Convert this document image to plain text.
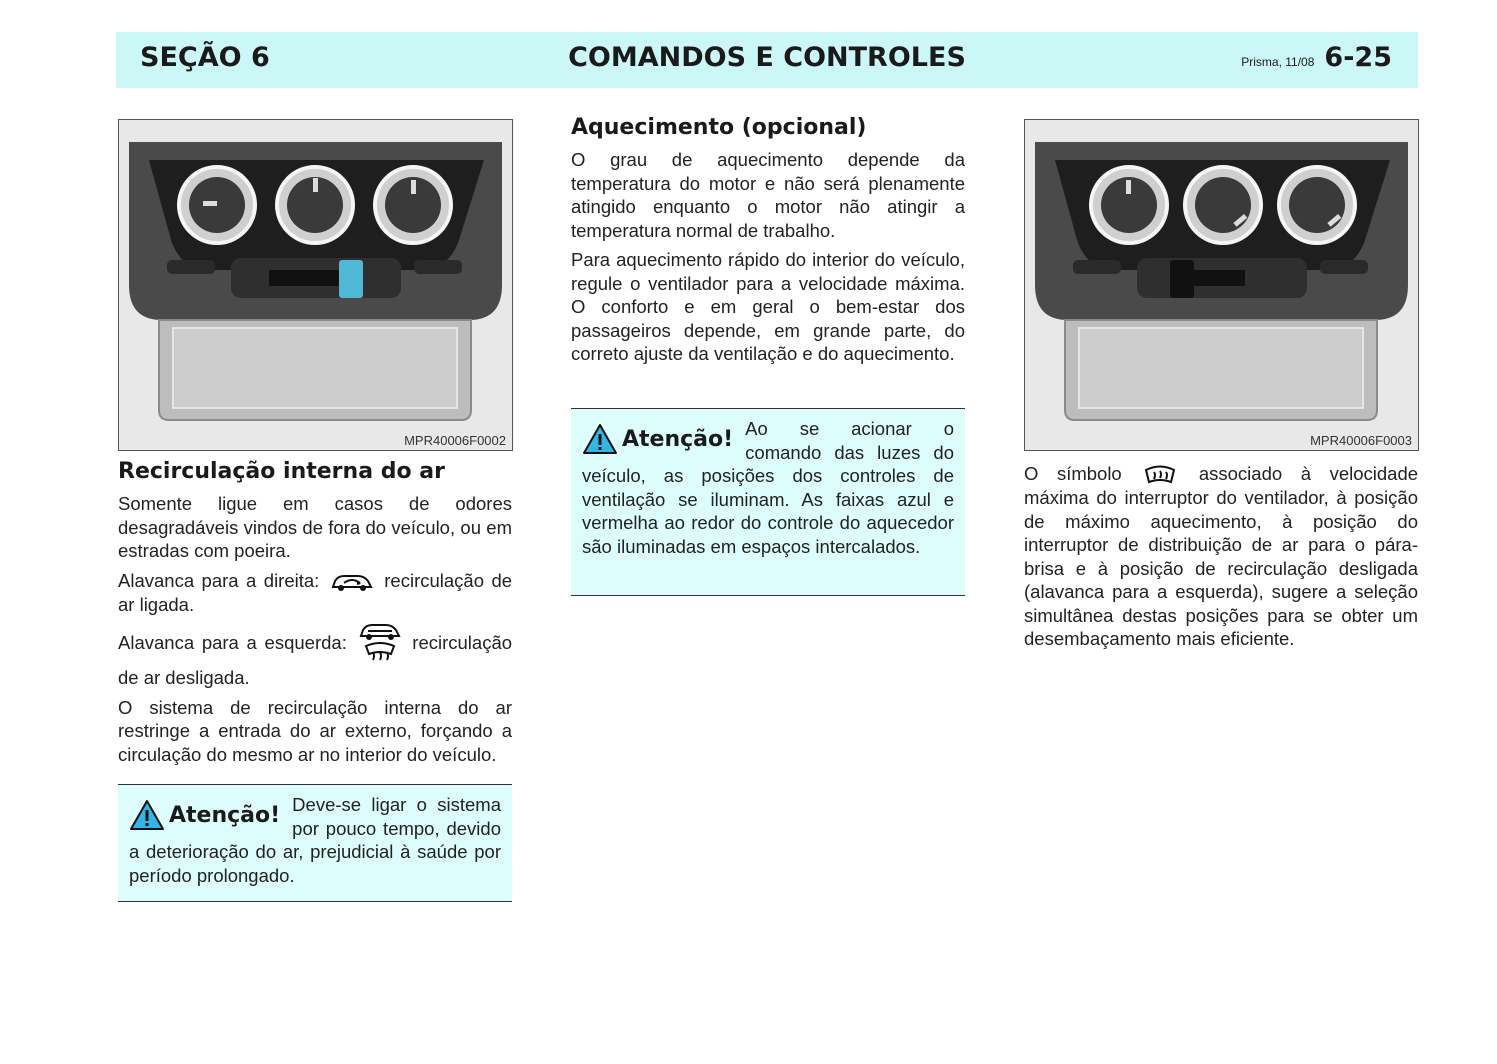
COMANDOS E CONTROLES
SEÇÃO 6	Prisma, 11/08 6-25
MPR40006F0002	MPR40006F0003
Recirculação interna do ar

Somente ligue em casos de odores desagradáveis vindos de fora do veículo, ou em estradas com poeira.

Alavanca para a direita:	recirculação de ar ligada.

Alavanca para a esquerda:	recirculação de ar desligada.

O sistema de recirculação interna do ar restringe a entrada do ar externo, forçando a circulação do mesmo ar no interior do veículo.

Atenção! Deve-se ligar o sistema por pouco tempo, devido a deterioração do ar, prejudicial à saúde por período prolongado.

Aquecimento (opcional)

O grau de aquecimento depende da temperatura do motor e não será plenamente atingido enquanto o motor não atingir a temperatura normal de trabalho.

Para aquecimento rápido do interior do veículo, regule o ventilador para a velocidade máxima. O conforto e em geral o bem-estar dos passageiros depende, em grande parte, do correto ajuste da ventilação e do aquecimento.

Atenção! Ao se acionar o comando das luzes do veículo, as posições dos controles de ventilação se iluminam. As faixas azul e vermelha ao redor do controle do aquecedor são iluminadas em espaços intercalados.

O símbolo	associado à velocidade máxima do interruptor do ventilador, à posição de máximo aquecimento, à posição do interruptor de distribuição de ar para o pára-brisa e à posição de recirculação desligada (alavanca para a esquerda), sugere a seleção simultânea destas posições para se obter um desembaçamento mais eficiente.
